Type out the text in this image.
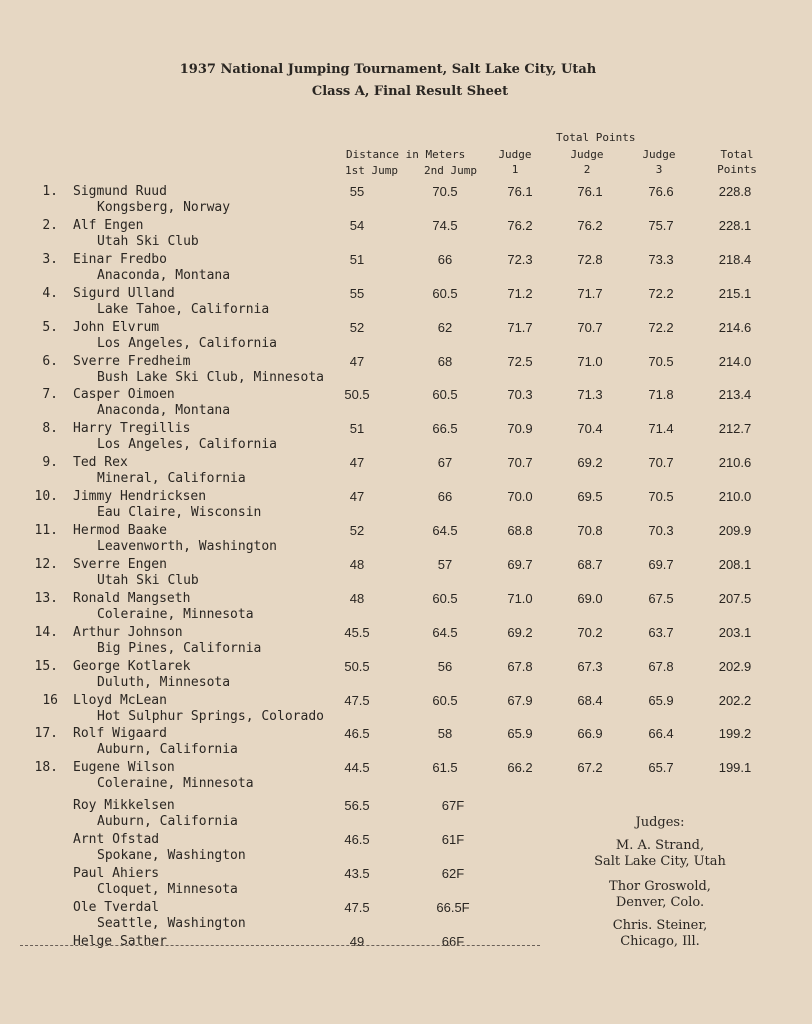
1937 National Jumping Tournament, Salt Lake City, Utah
Class A, Final Result Sheet
Distance in Meters
1st Jump 2nd Jump
Total Points
Judge
1
Judge
2
Judge
3
Total
Points
1. Sigmund Ruud
Kongsberg, Norway
55	70.5	76.1	76.1	76.6	228.8
2. Alf Engen
Utah Ski Club
54	74.5	76.2	76.2	75.7	228.1
3. Einar Fredbo
Anaconda, Montana
51	66	72.3	72.8	73.3	218.4
4. Sigurd Ulland
Lake Tahoe, California
55	60.5	71.2	71.7	72.2	215.1
5. John Elvrum
Los Angeles, California
52	62	71.7	70.7	72.2	214.6
6. Sverre Fredheim
Bush Lake Ski Club, Minnesota
47	68	72.5	71.0	70.5	214.0
7. Casper Oimoen
Anaconda, Montana
50.5	60.5	70.3	71.3	71.8	213.4
8. Harry Tregillis
Los Angeles, California
51	66.5	70.9	70.4	71.4	212.7
9. Ted Rex
Mineral, California
47	67	70.7	69.2	70.7	210.6
10. Jimmy Hendricksen
Eau Claire, Wisconsin
47	66	70.0	69.5	70.5	210.0
11. Hermod Baake
Leavenworth, Washington
52	64.5	68.8	70.8	70.3	209.9
12. Sverre Engen
Utah Ski Club
48	57	69.7	68.7	69.7	208.1
13. Ronald Mangseth
Coleraine, Minnesota
48	60.5	71.0	69.0	67.5	207.5
14. Arthur Johnson
Big Pines, California
45.5	64.5	69.2	70.2	63.7	203.1
15. George Kotlarek
Duluth, Minnesota
50.5	56	67.8	67.3	67.8	202.9
16 Lloyd McLean
Hot Sulphur Springs, Colorado
47.5	60.5	67.9	68.4	65.9	202.2
17. Rolf Wigaard
Auburn, California
46.5	58	65.9	66.9	66.4	199.2
18. Eugene Wilson
Coleraine, Minnesota
44.5	61.5	66.2	67.2	65.7	199.1
Roy Mikkelsen
Auburn, California
56.5	67F
Arnt Ofstad
Spokane, Washington
46.5	61F
Paul Ahiers
Cloquet, Minnesota
43.5	62F
Ole Tverdal
Seattle, Washington
47.5	66.5F
Helge Sather	49	66F
Judges:
M. A. Strand,
Salt Lake City, Utah
Thor Groswold,
Denver, Colo.
Chris. Steiner,
Chicago, Ill.
